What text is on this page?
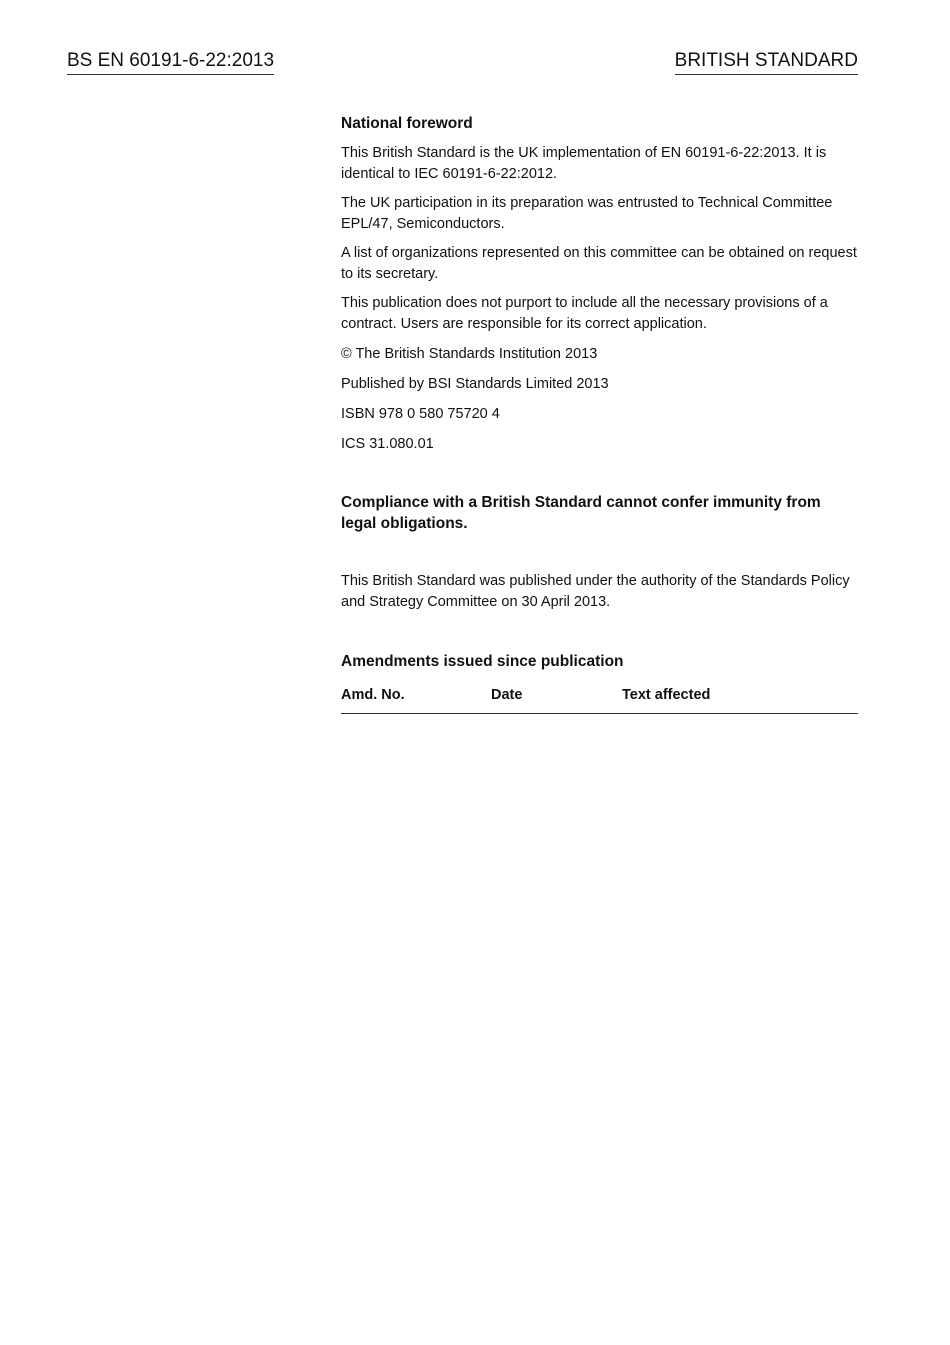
BS EN 60191-6-22:2013	BRITISH STANDARD

National foreword

This British Standard is the UK implementation of EN 60191-6-22:2013. It is identical to IEC 60191-6-22:2012.

The UK participation in its preparation was entrusted to Technical Committee EPL/47, Semiconductors.

A list of organizations represented on this committee can be obtained on request to its secretary.

This publication does not purport to include all the necessary provisions of a contract. Users are responsible for its correct application.

© The British Standards Institution 2013

Published by BSI Standards Limited 2013

ISBN 978 0 580 75720 4

ICS 31.080.01

Compliance with a British Standard cannot confer immunity from legal obligations.

This British Standard was published under the authority of the Standards Policy and Strategy Committee on 30 April 2013.

Amendments issued since publication

Amd. No.	Date	Text affected
